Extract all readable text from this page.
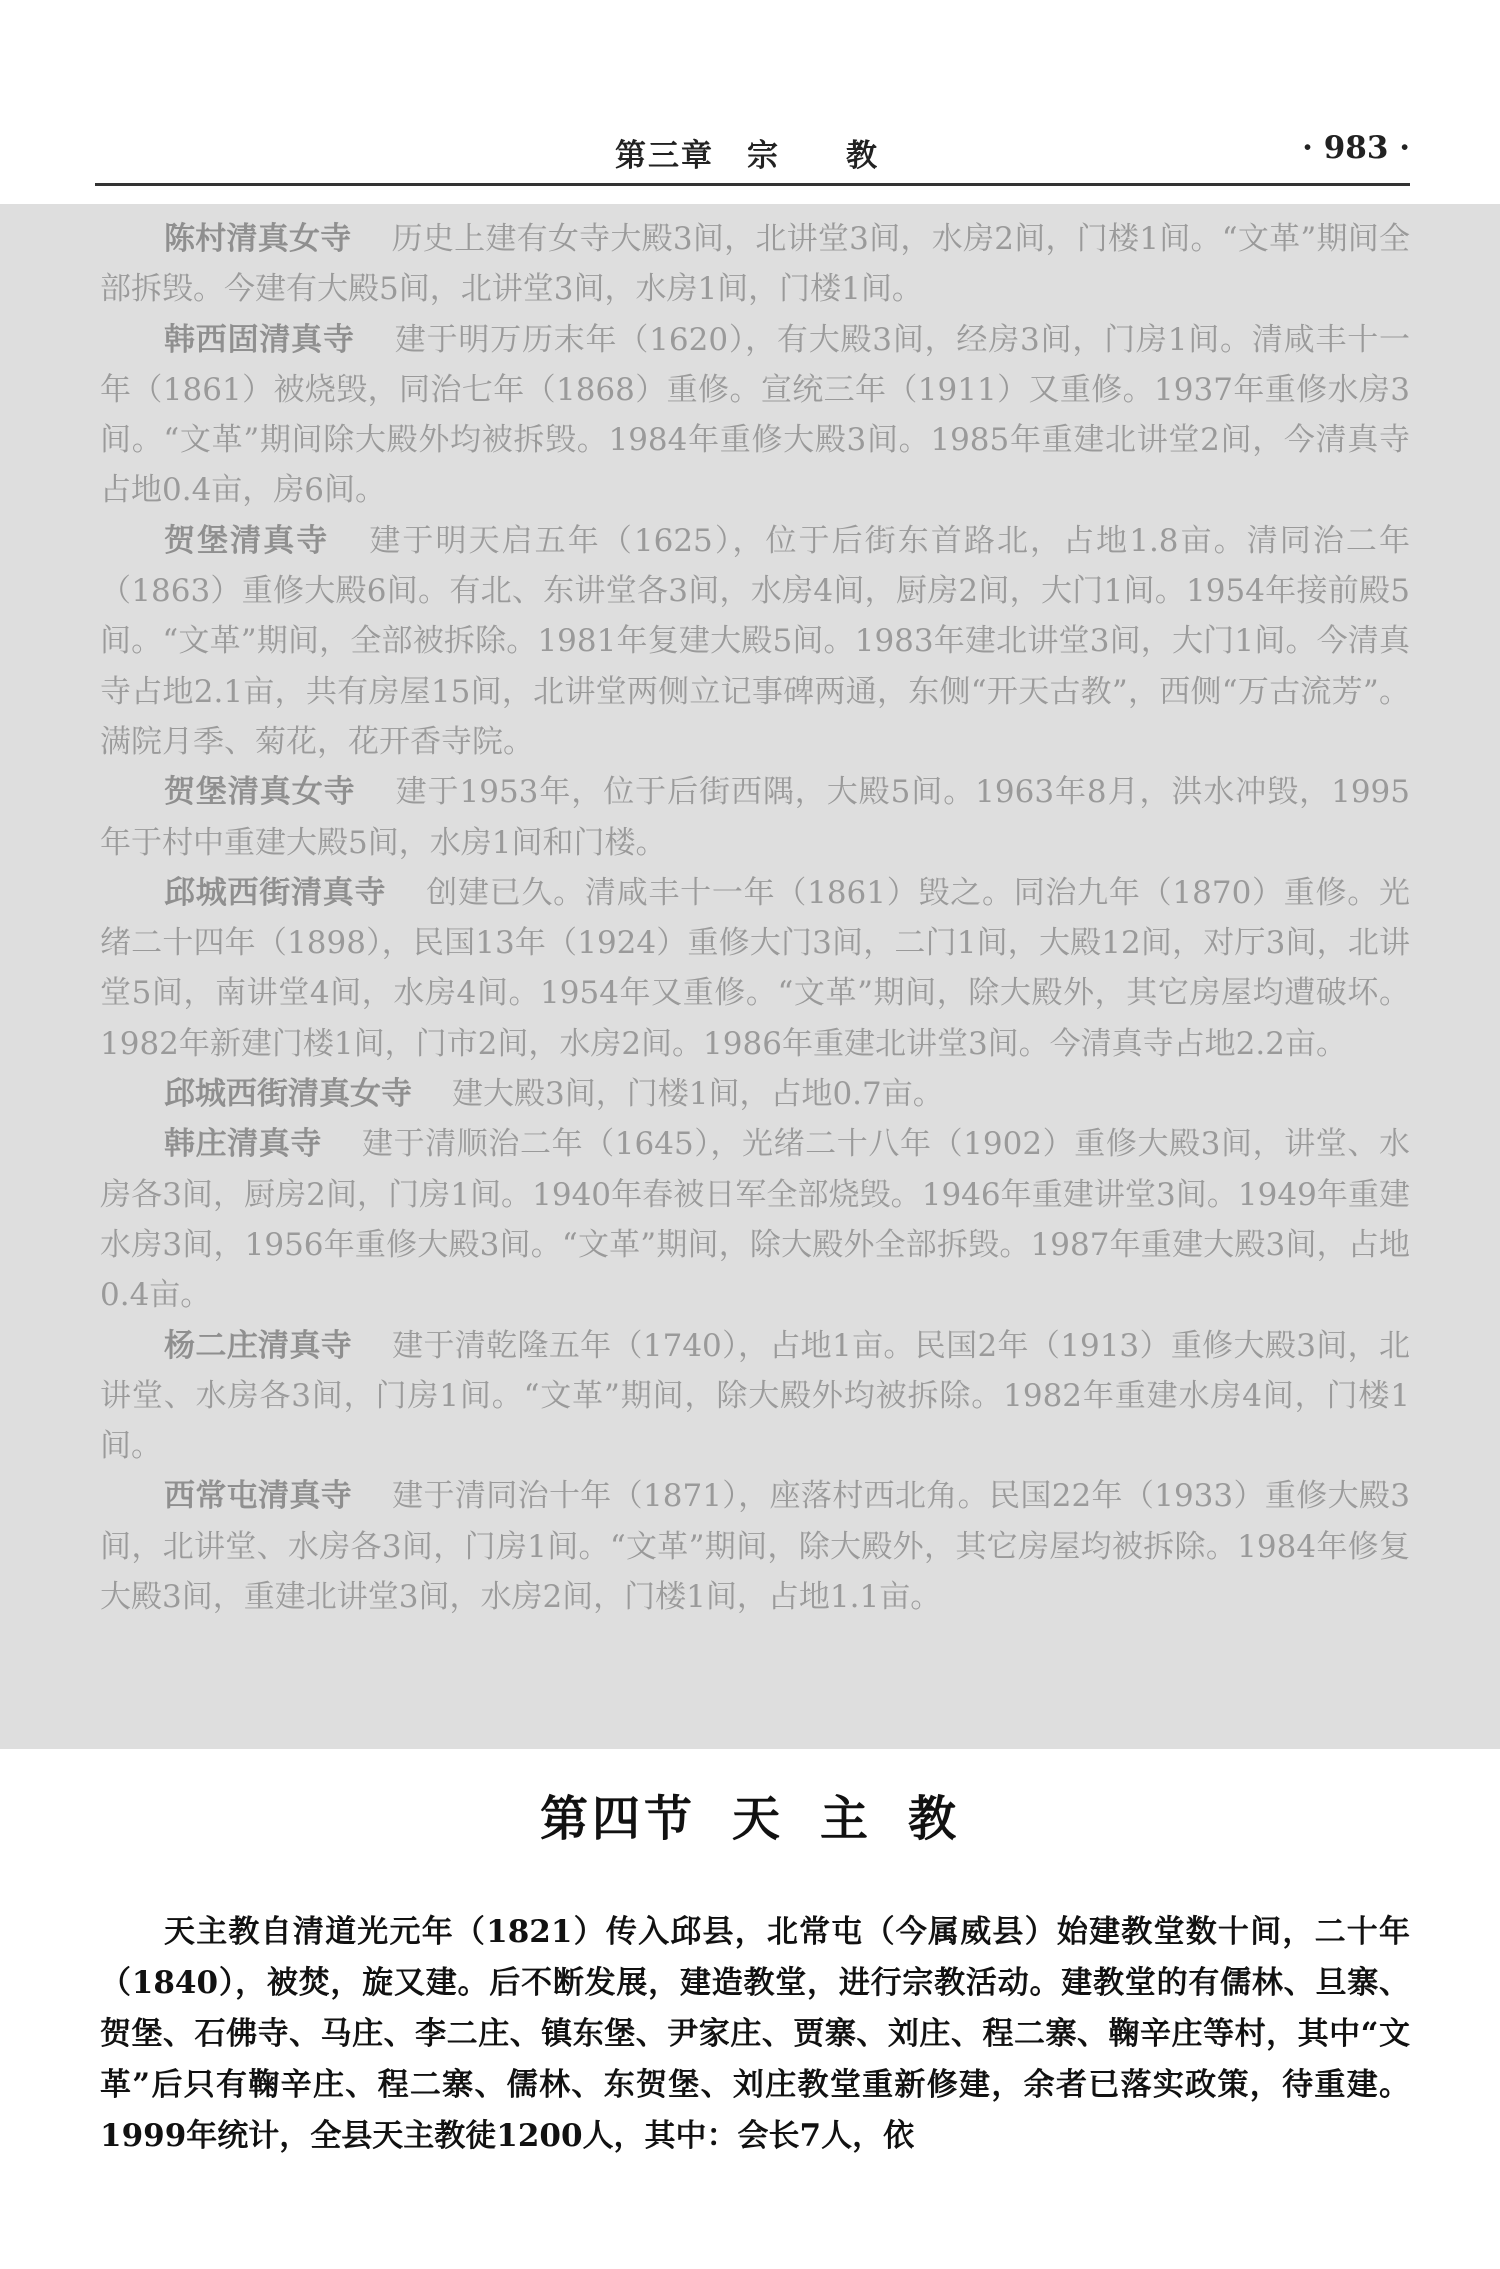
第三章　宗　　教	· 983 ·

陈村清真女寺 历史上建有女寺大殿3间，北讲堂3间，水房2间，门楼1间。“文革”期间全部拆毁。今建有大殿5间，北讲堂3间，水房1间，门楼1间。

韩西固清真寺 建于明万历末年（1620），有大殿3间，经房3间，门房1间。清咸丰十一年（1861）被烧毁，同治七年（1868）重修。宣统三年（1911）又重修。1937年重修水房3间。“文革”期间除大殿外均被拆毁。1984年重修大殿3间。1985年重建北讲堂2间，今清真寺占地0.4亩，房6间。

贺堡清真寺 建于明天启五年（1625），位于后街东首路北，占地1.8亩。清同治二年（1863）重修大殿6间。有北、东讲堂各3间，水房4间，厨房2间，大门1间。1954年接前殿5间。“文革”期间，全部被拆除。1981年复建大殿5间。1983年建北讲堂3间，大门1间。今清真寺占地2.1亩，共有房屋15间，北讲堂两侧立记事碑两通，东侧“开天古教”，西侧“万古流芳”。满院月季、菊花，花开香寺院。

贺堡清真女寺 建于1953年，位于后街西隅，大殿5间。1963年8月，洪水冲毁，1995年于村中重建大殿5间，水房1间和门楼。

邱城西街清真寺 创建已久。清咸丰十一年（1861）毁之。同治九年（1870）重修。光绪二十四年（1898），民国13年（1924）重修大门3间，二门1间，大殿12间，对厅3间，北讲堂5间，南讲堂4间，水房4间。1954年又重修。“文革”期间，除大殿外，其它房屋均遭破坏。1982年新建门楼1间，门市2间，水房2间。1986年重建北讲堂3间。今清真寺占地2.2亩。

邱城西街清真女寺 建大殿3间，门楼1间，占地0.7亩。

韩庄清真寺 建于清顺治二年（1645），光绪二十八年（1902）重修大殿3间，讲堂、水房各3间，厨房2间，门房1间。1940年春被日军全部烧毁。1946年重建讲堂3间。1949年重建水房3间，1956年重修大殿3间。“文革”期间，除大殿外全部拆毁。1987年重建大殿3间，占地0.4亩。

杨二庄清真寺 建于清乾隆五年（1740），占地1亩。民国2年（1913）重修大殿3间，北讲堂、水房各3间，门房1间。“文革”期间，除大殿外均被拆除。1982年重建水房4间，门楼1间。

西常屯清真寺 建于清同治十年（1871），座落村西北角。民国22年（1933）重修大殿3间，北讲堂、水房各3间，门房1间。“文革”期间，除大殿外，其它房屋均被拆除。1984年修复大殿3间，重建北讲堂3间，水房2间，门楼1间，占地1.1亩。

第四节 天 主 教

天主教自清道光元年（1821）传入邱县，北常屯（今属威县）始建教堂数十间，二十年（1840），被焚，旋又建。后不断发展，建造教堂，进行宗教活动。建教堂的有儒林、旦寨、贺堡、石佛寺、马庄、李二庄、镇东堡、尹家庄、贾寨、刘庄、程二寨、鞠辛庄等村，其中“文革”后只有鞠辛庄、程二寨、儒林、东贺堡、刘庄教堂重新修建，余者已落实政策，待重建。1999年统计，全县天主教徒1200人，其中：会长7人，依
